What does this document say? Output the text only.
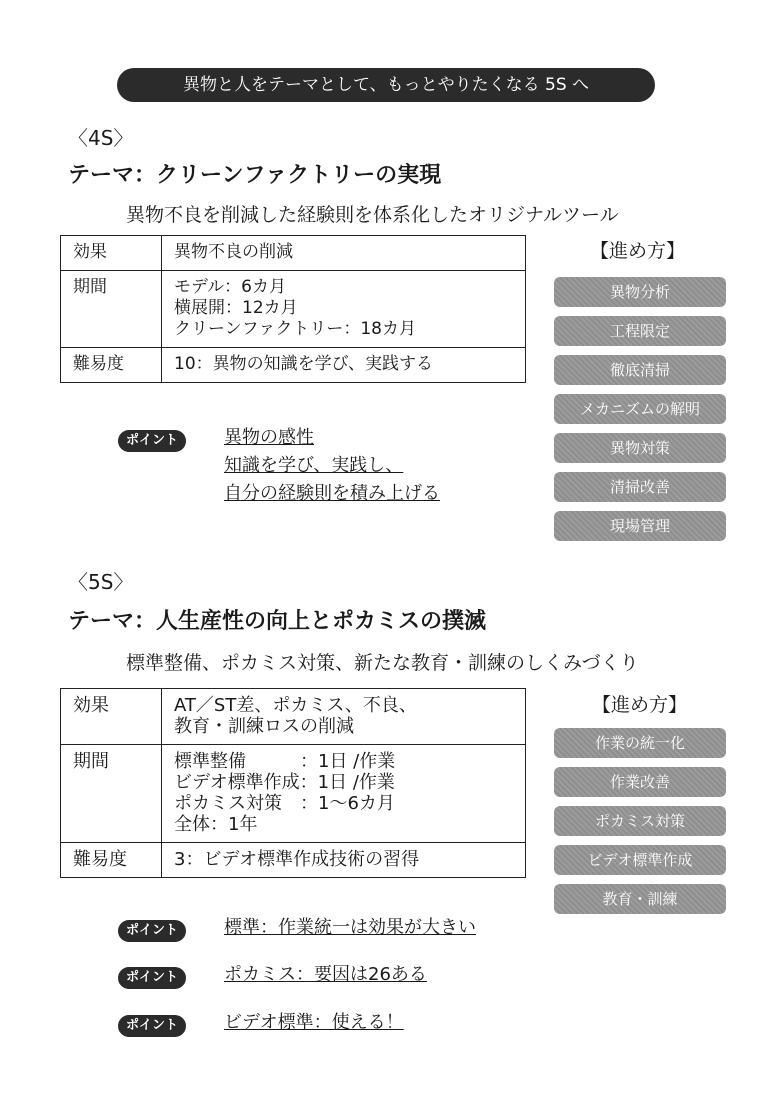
異物と人をテーマとして、もっとやりたくなる 5S へ
〈4S〉
テーマ：クリーンファクトリーの実現
異物不良を削減した経験則を体系化したオリジナルツール
効果	異物不良の削減

期間	モデル：6カ月
横展開：12カ月
クリーンファクトリー：18カ月

難易度	10：異物の知識を学び、実践する
【進め方】
異物分析
工程限定
徹底清掃
メカニズムの解明
異物対策
清掃改善
現場管理
ポイント	異物の感性
知識を学び、実践し、
自分の経験則を積み上げる
〈5S〉
テーマ：人生産性の向上とポカミスの撲滅
標準整備、ポカミス対策、新たな教育・訓練のしくみづくり
効果	AT／ST差、ポカミス、不良、
教育・訓練ロスの削減

期間	標準整備　　　：1日 /作業
ビデオ標準作成：1日 /作業
ポカミス対策　：1～6カ月
全体：1年

難易度	3：ビデオ標準作成技術の習得
【進め方】
作業の統一化
作業改善
ポカミス対策
ビデオ標準作成
教育・訓練
ポイント	標準：作業統一は効果が大きい
ポイント	ポカミス：要因は26ある
ポイント	ビデオ標準：使える！
